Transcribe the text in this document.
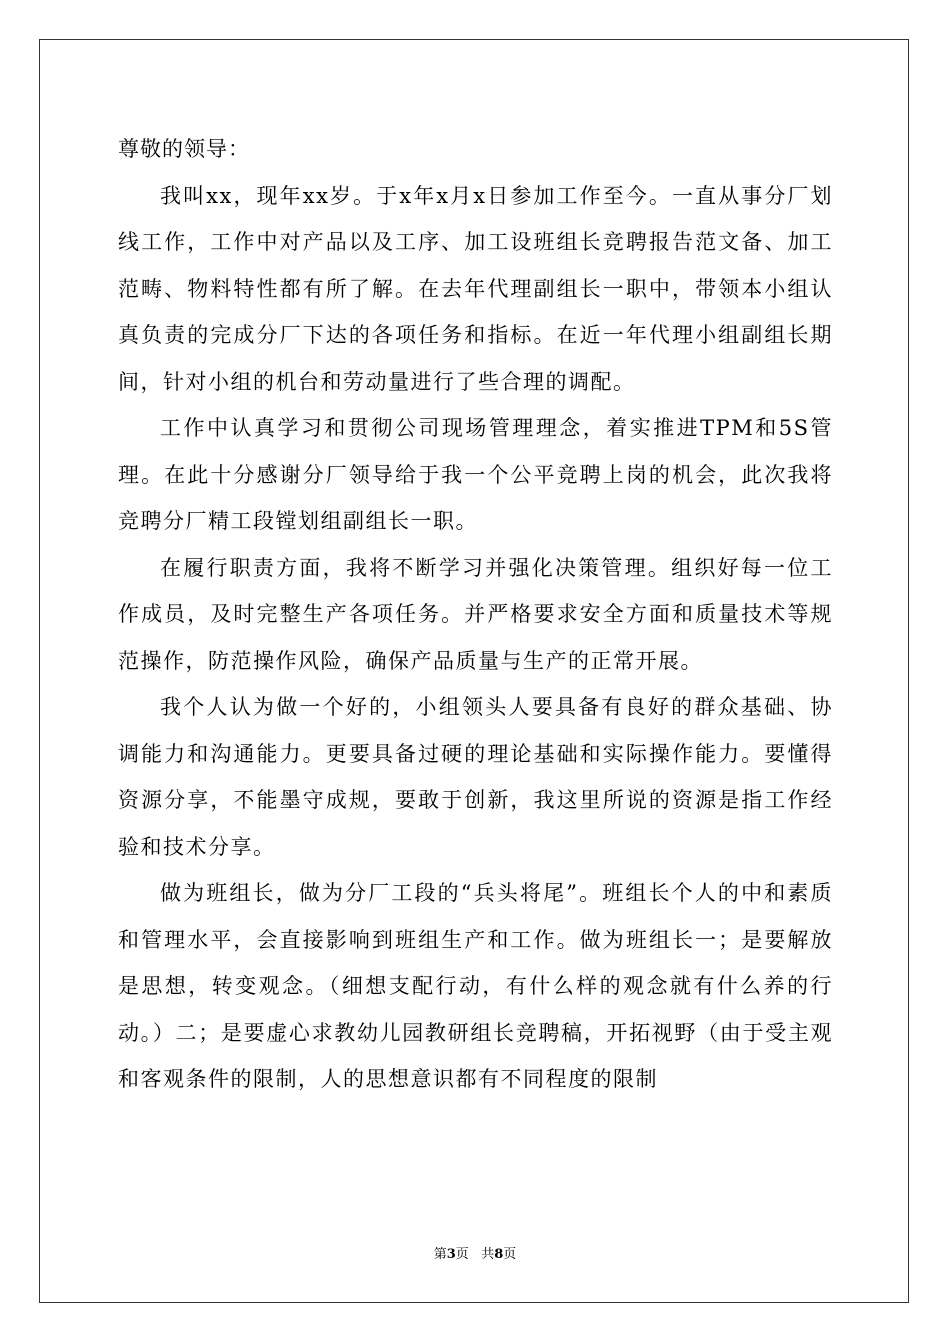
尊敬的领导：

我叫xx，现年xx岁。于x年x月x日参加工作至今。一直从事分厂划线工作，工作中对产品以及工序、加工设班组长竞聘报告范文备、加工范畴、物料特性都有所了解。在去年代理副组长一职中，带领本小组认真负责的完成分厂下达的各项任务和指标。在近一年代理小组副组长期间，针对小组的机台和劳动量进行了些合理的调配。

工作中认真学习和贯彻公司现场管理理念，着实推进TPM和5S管理。在此十分感谢分厂领导给于我一个公平竞聘上岗的机会，此次我将竞聘分厂精工段镗划组副组长一职。

在履行职责方面，我将不断学习并强化决策管理。组织好每一位工作成员，及时完整生产各项任务。并严格要求安全方面和质量技术等规范操作，防范操作风险，确保产品质量与生产的正常开展。

我个人认为做一个好的，小组领头人要具备有良好的群众基础、协调能力和沟通能力。更要具备过硬的理论基础和实际操作能力。要懂得资源分享，不能墨守成规，要敢于创新，我这里所说的资源是指工作经验和技术分享。

做为班组长，做为分厂工段的“兵头将尾”。班组长个人的中和素质和管理水平，会直接影响到班组生产和工作。做为班组长一；是要解放是思想，转变观念。（细想支配行动，有什么样的观念就有什么养的行动。）二；是要虚心求教幼儿园教研组长竞聘稿，开拓视野（由于受主观和客观条件的限制，人的思想意识都有不同程度的限制

第3页 共8页
